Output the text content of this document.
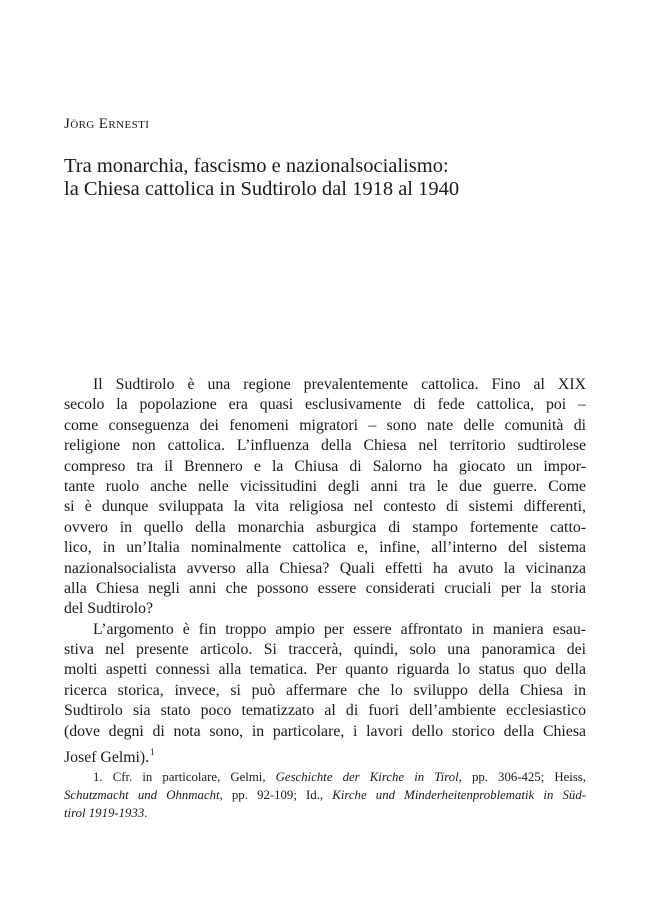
Jörg Ernesti
Tra monarchia, fascismo e nazionalsocialismo:
la Chiesa cattolica in Sudtirolo dal 1918 al 1940
Il Sudtirolo è una regione prevalentemente cattolica. Fino al XIX
secolo la popolazione era quasi esclusivamente di fede cattolica, poi –
come conseguenza dei fenomeni migratori – sono nate delle comunità di
religione non cattolica. L’influenza della Chiesa nel territorio sudtirolese
compreso tra il Brennero e la Chiusa di Salorno ha giocato un impor-
tante ruolo anche nelle vicissitudini degli anni tra le due guerre. Come
si è dunque sviluppata la vita religiosa nel contesto di sistemi differenti,
ovvero in quello della monarchia asburgica di stampo fortemente catto-
lico, in un’Italia nominalmente cattolica e, infine, all’interno del sistema
nazionalsocialista avverso alla Chiesa? Quali effetti ha avuto la vicinanza
alla Chiesa negli anni che possono essere considerati cruciali per la storia
del Sudtirolo?
L’argomento è fin troppo ampio per essere affrontato in maniera esau-
stiva nel presente articolo. Si traccerà, quindi, solo una panoramica dei
molti aspetti connessi alla tematica. Per quanto riguarda lo status quo della
ricerca storica, invece, si può affermare che lo sviluppo della Chiesa in
Sudtirolo sia stato poco tematizzato al di fuori dell’ambiente ecclesiastico
(dove degni di nota sono, in particolare, i lavori dello storico della Chiesa
Josef Gelmi).$^1$
1. Cfr. in particolare, Gelmi, Geschichte der Kirche in Tirol, pp. 306-425; Heiss,
Schutzmacht und Ohnmacht, pp. 92-109; Id., Kirche und Minderheitenproblematik in Süd-
tirol 1919-1933.
